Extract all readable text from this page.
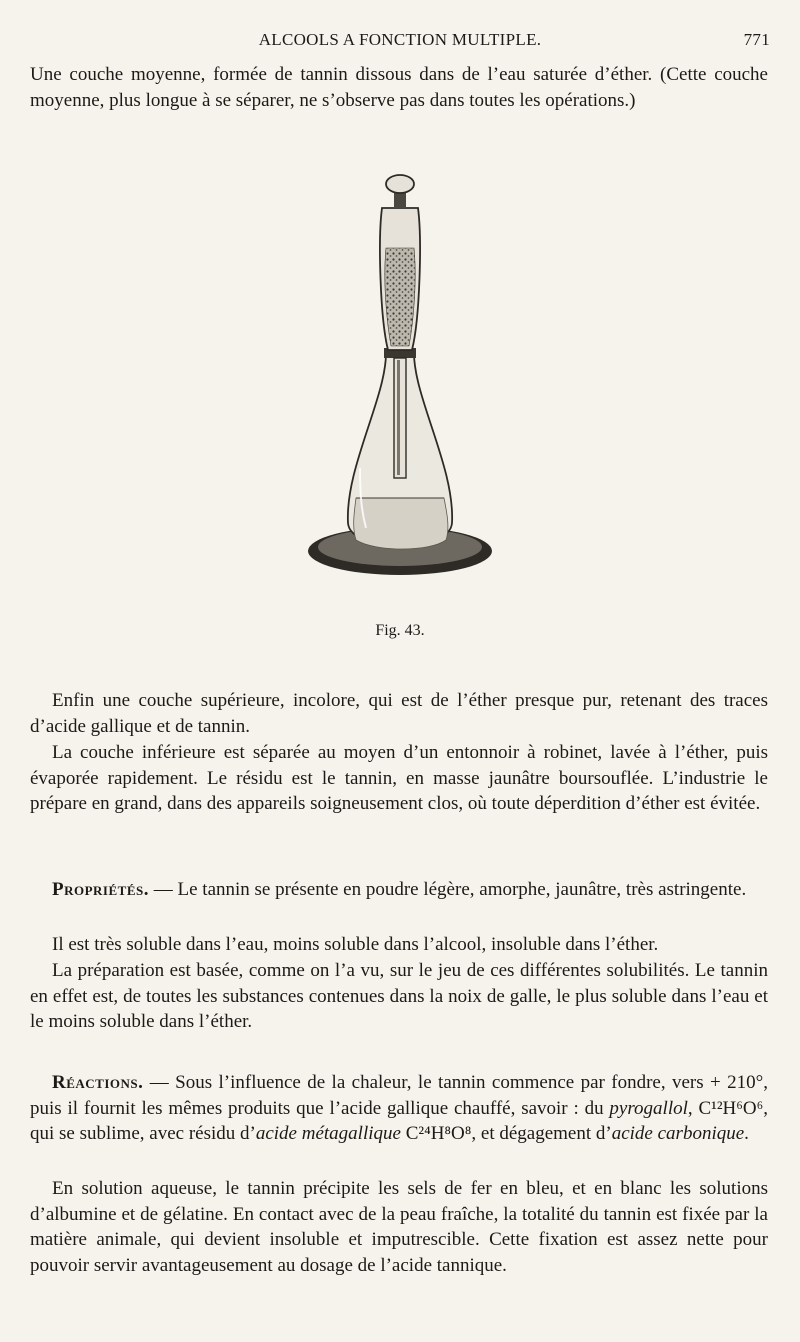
ALCOOLS A FONCTION MULTIPLE.	771

Une couche moyenne, formée de tannin dissous dans de l’eau saturée d’éther. (Cette couche moyenne, plus longue à se séparer, ne s’observe pas dans toutes les opérations.)

Fig. 43.

Enfin une couche supérieure, incolore, qui est de l’éther presque pur, retenant des traces d’acide gallique et de tannin.

La couche inférieure est séparée au moyen d’un entonnoir à robinet, lavée à l’éther, puis évaporée rapidement. Le résidu est le tannin, en masse jaunâtre boursouflée. L’industrie le prépare en grand, dans des appareils soigneusement clos, où toute déperdition d’éther est évitée.

Propriétés. — Le tannin se présente en poudre légère, amorphe, jaunâtre, très astringente.

Il est très soluble dans l’eau, moins soluble dans l’alcool, insoluble dans l’éther.

La préparation est basée, comme on l’a vu, sur le jeu de ces différentes solubilités. Le tannin en effet est, de toutes les substances contenues dans la noix de galle, le plus soluble dans l’eau et le moins soluble dans l’éther.

Réactions. — Sous l’influence de la chaleur, le tannin commence par fondre, vers + 210°, puis il fournit les mêmes produits que l’acide gallique chauffé, savoir : du pyrogallol, C¹²H⁶O⁶, qui se sublime, avec résidu d’acide métagallique C²⁴H⁸O⁸, et dégagement d’acide carbonique.

En solution aqueuse, le tannin précipite les sels de fer en bleu, et en blanc les solutions d’albumine et de gélatine. En contact avec de la peau fraîche, la totalité du tannin est fixée par la matière animale, qui devient insoluble et imputrescible. Cette fixation est assez nette pour pouvoir servir avantageusement au dosage de l’acide tannique.
